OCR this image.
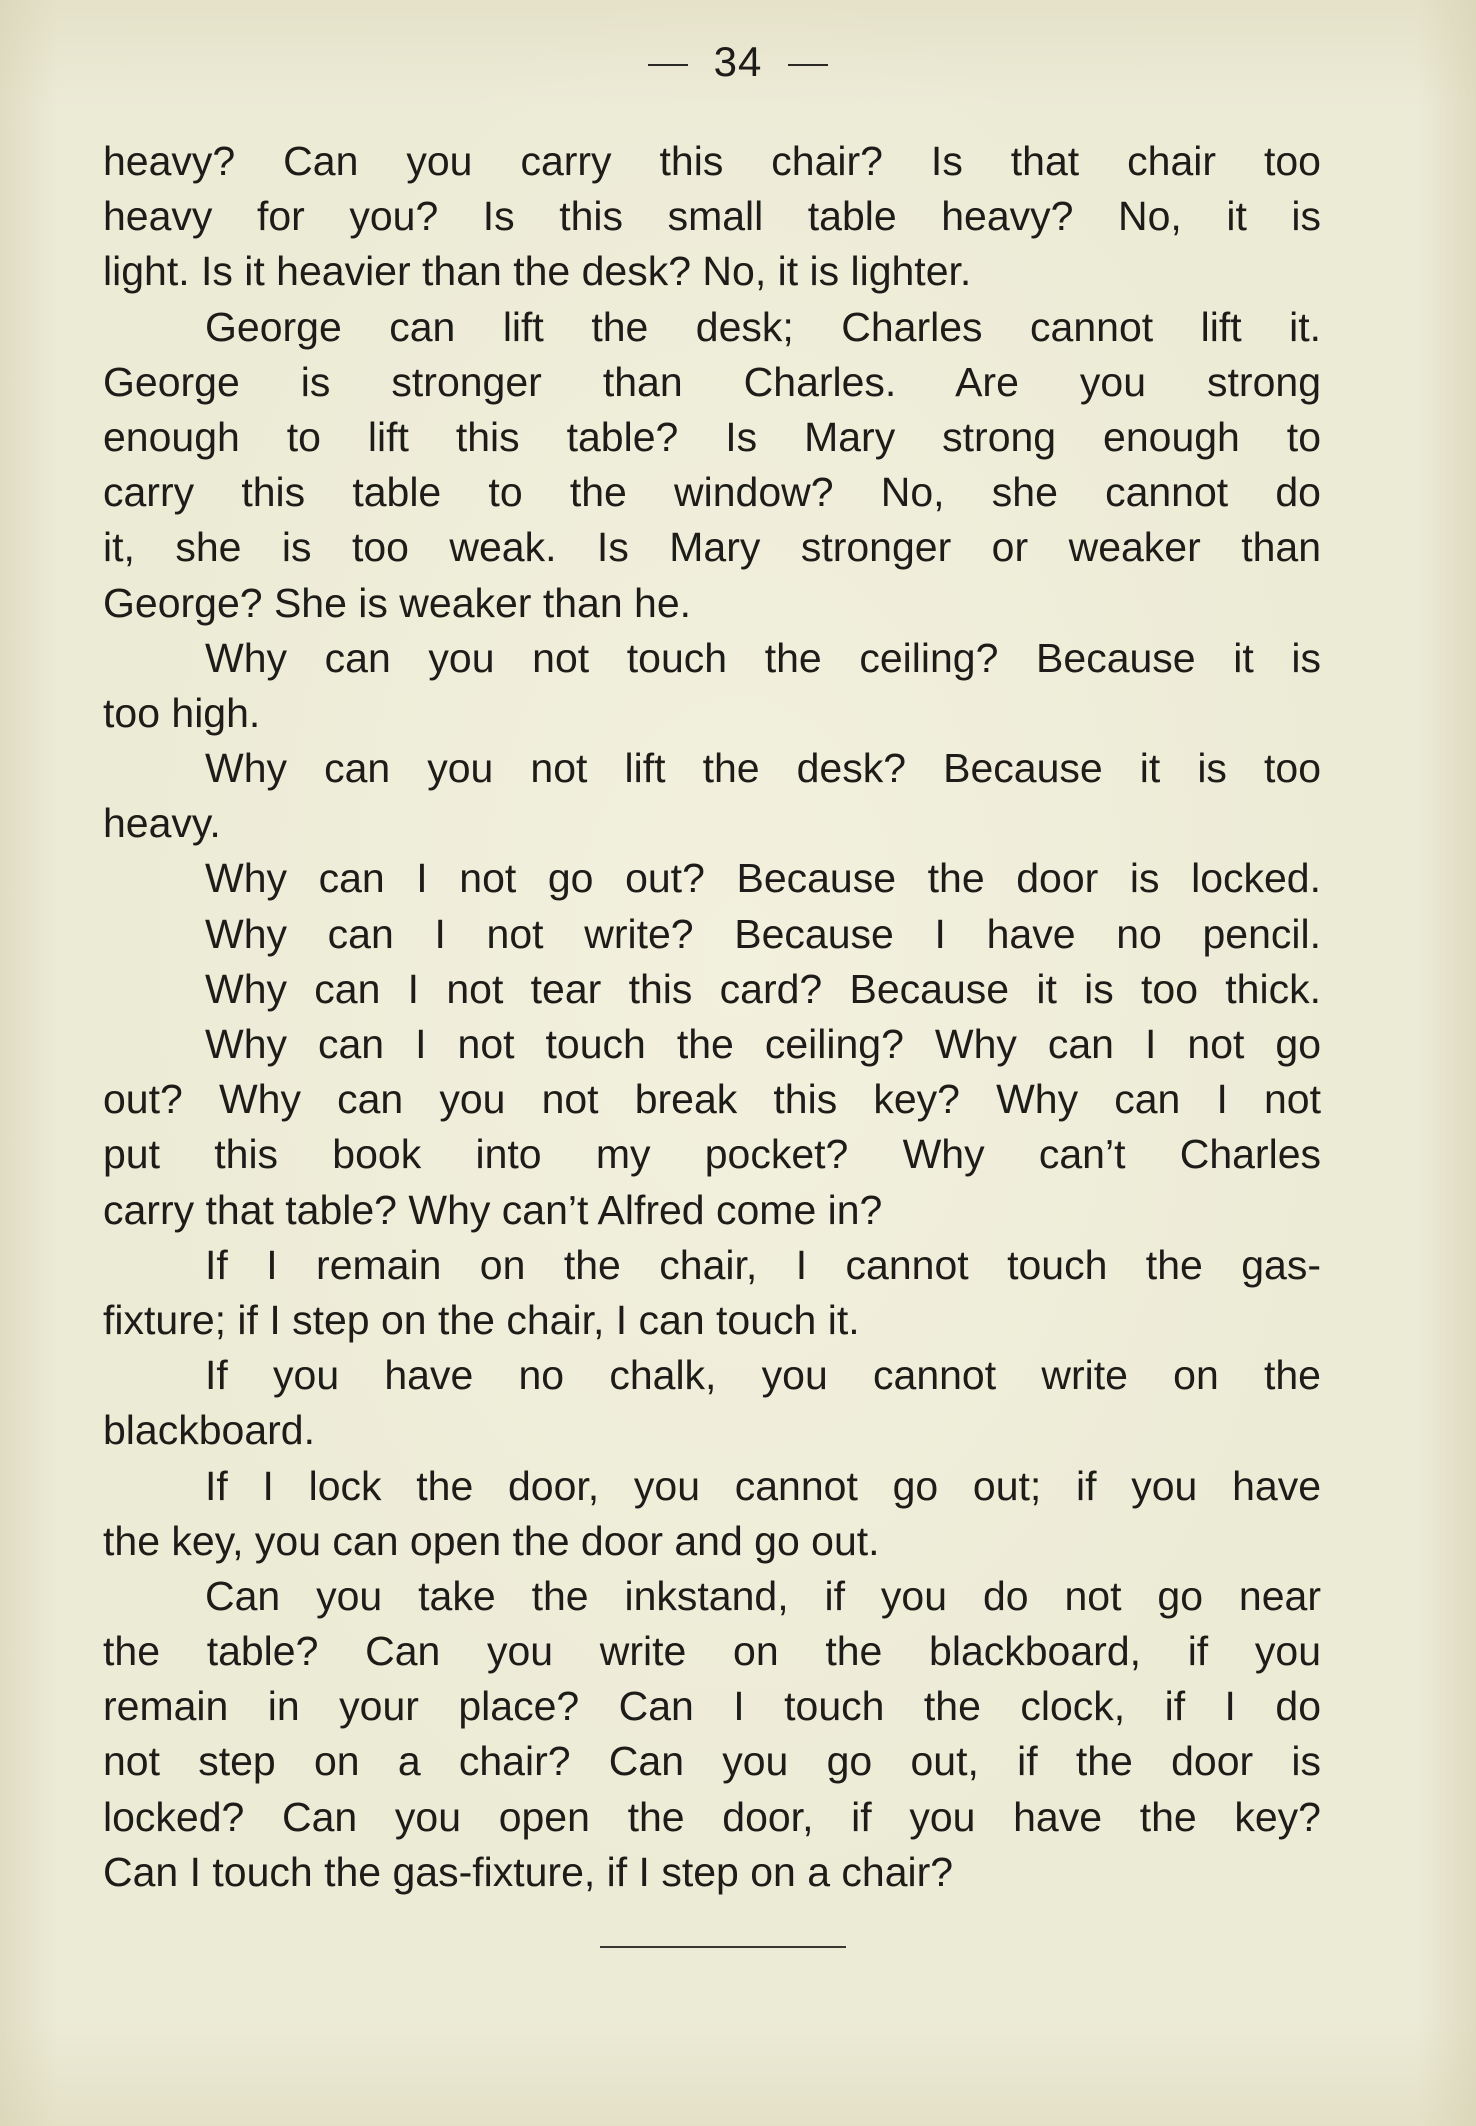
34
heavy? Can you carry this chair? Is that chair too
heavy for you? Is this small table heavy? No, it is
light. Is it heavier than the desk? No, it is lighter.
George can lift the desk; Charles cannot lift it.
George is stronger than Charles. Are you strong
enough to lift this table? Is Mary strong enough to
carry this table to the window? No, she cannot do
it, she is too weak. Is Mary stronger or weaker than
George? She is weaker than he.
Why can you not touch the ceiling? Because it is
too high.
Why can you not lift the desk? Because it is too
heavy.
Why can I not go out? Because the door is locked.
Why can I not write? Because I have no pencil.
Why can I not tear this card? Because it is too thick.
Why can I not touch the ceiling? Why can I not go
out? Why can you not break this key? Why can I not
put this book into my pocket? Why can’t Charles
carry that table? Why can’t Alfred come in?
If I remain on the chair, I cannot touch the gas-
fixture; if I step on the chair, I can touch it.
If you have no chalk, you cannot write on the
blackboard.
If I lock the door, you cannot go out; if you have
the key, you can open the door and go out.
Can you take the inkstand, if you do not go near
the table? Can you write on the blackboard, if you
remain in your place? Can I touch the clock, if I do
not step on a chair? Can you go out, if the door is
locked? Can you open the door, if you have the key?
Can I touch the gas-fixture, if I step on a chair?
